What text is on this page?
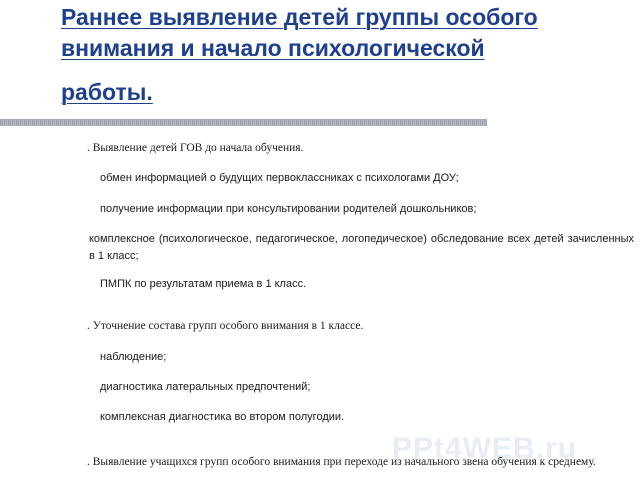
Раннее выявление детей группы особого
внимания и начало психологической
работы.
PPt4WEB.ru

. Выявление детей ГОВ до начала обучения.

обмен информацией о будущих первоклассниках с психологами ДОУ;

получение информации при консультировании родителей дошкольников;

комплексное (психологическое, педагогическое, логопедическое) обследование всех детей зачисленных в 1 класс;

ПМПК по результатам приема в 1 класс.

. Уточнение состава групп особого внимания в 1 классе.

наблюдение;

диагностика латеральных предпочтений;

комплексная диагностика во втором полугодии.

. Выявление учащихся групп особого внимания при переходе из начального звена обучения к среднему.
